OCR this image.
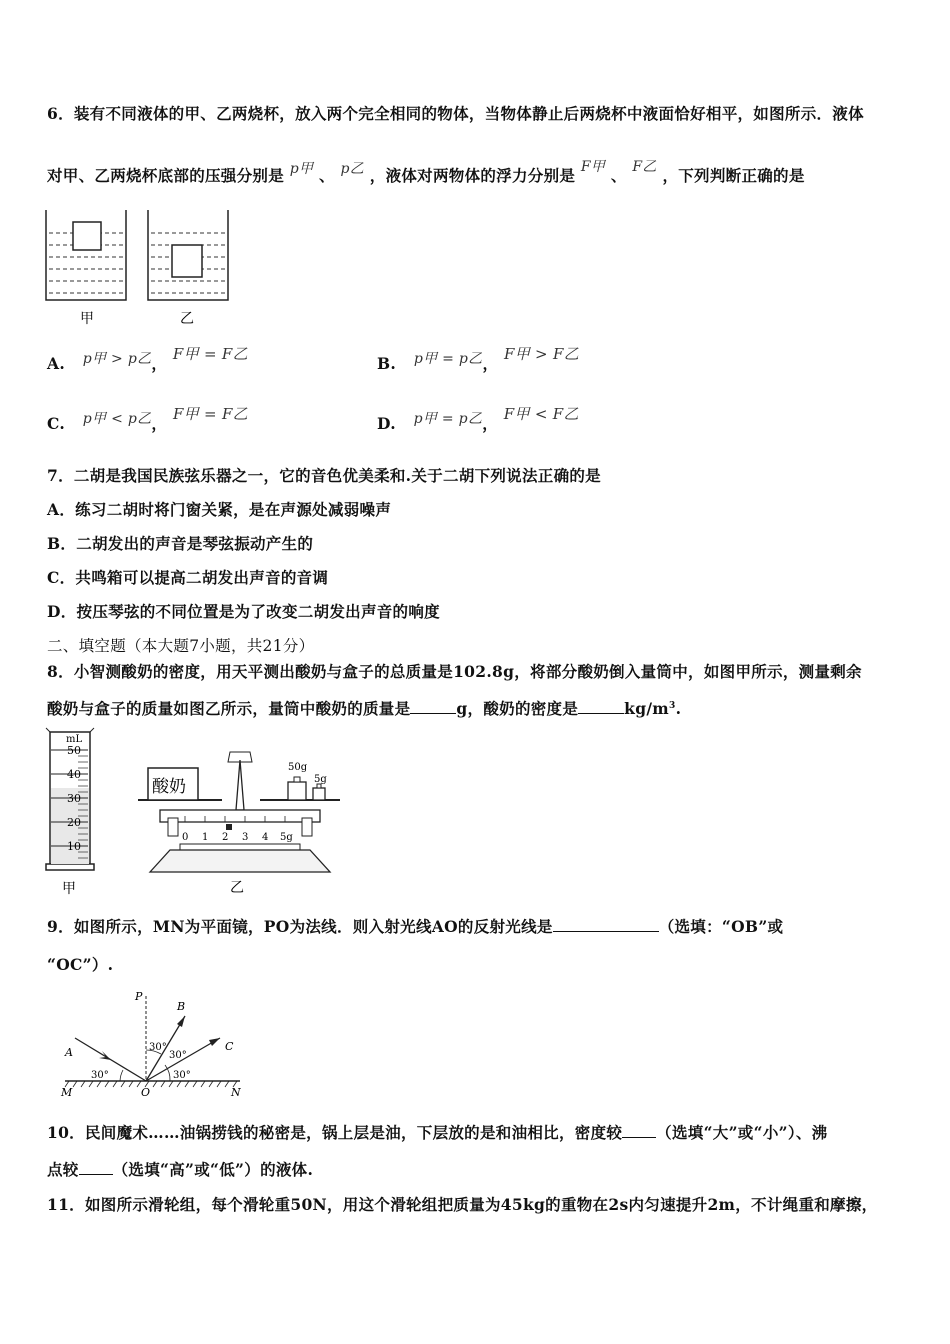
6．装有不同液体的甲、乙两烧杯，放入两个完全相同的物体，当物体静止后两烧杯中液面恰好相平，如图所示．液体
对甲、乙两烧杯底部的压强分别是 p甲 、 p乙 ，液体对两物体的浮力分别是 F甲 、 F乙 ，下列判断正确的是
甲	乙
A. p甲 > p乙， F甲 = F乙	B. p甲 = p乙， F甲 > F乙
C. p甲 < p乙， F甲 = F乙	D. p甲 = p乙， F甲 < F乙
7．二胡是我国民族弦乐器之一，它的音色优美柔和.关于二胡下列说法正确的是
A．练习二胡时将门窗关紧，是在声源处减弱噪声
B．二胡发出的声音是琴弦振动产生的
C．共鸣箱可以提高二胡发出声音的音调
D．按压琴弦的不同位置是为了改变二胡发出声音的响度
二、填空题（本大题7小题，共21分）
8．小智测酸奶的密度，用天平测出酸奶与盒子的总质量是102.8g，将部分酸奶倒入量筒中，如图甲所示，测量剩余
酸奶与盒子的质量如图乙所示，量筒中酸奶的质量是	g，酸奶的密度是	$kg/m^3$.
mL
50
40
30
20
10
甲
酸奶
50g
5g
0 1 2 3 4 5g
乙
9．如图所示，MN为平面镜，PO为法线．则入射光线AO的反射光线是	（选填：“OB”或
“OC”）.
P
B
A	C
O
M	N
30°
30°
30°
30°
10．民间魔术……油锅捞钱的秘密是，锅上层是油，下层放的是和油相比，密度较 （选填“大”或“小”）、沸
点较 （选填“高”或“低”）的液体.
11．如图所示滑轮组，每个滑轮重50N，用这个滑轮组把质量为45kg的重物在2s内匀速提升2m，不计绳重和摩擦，
